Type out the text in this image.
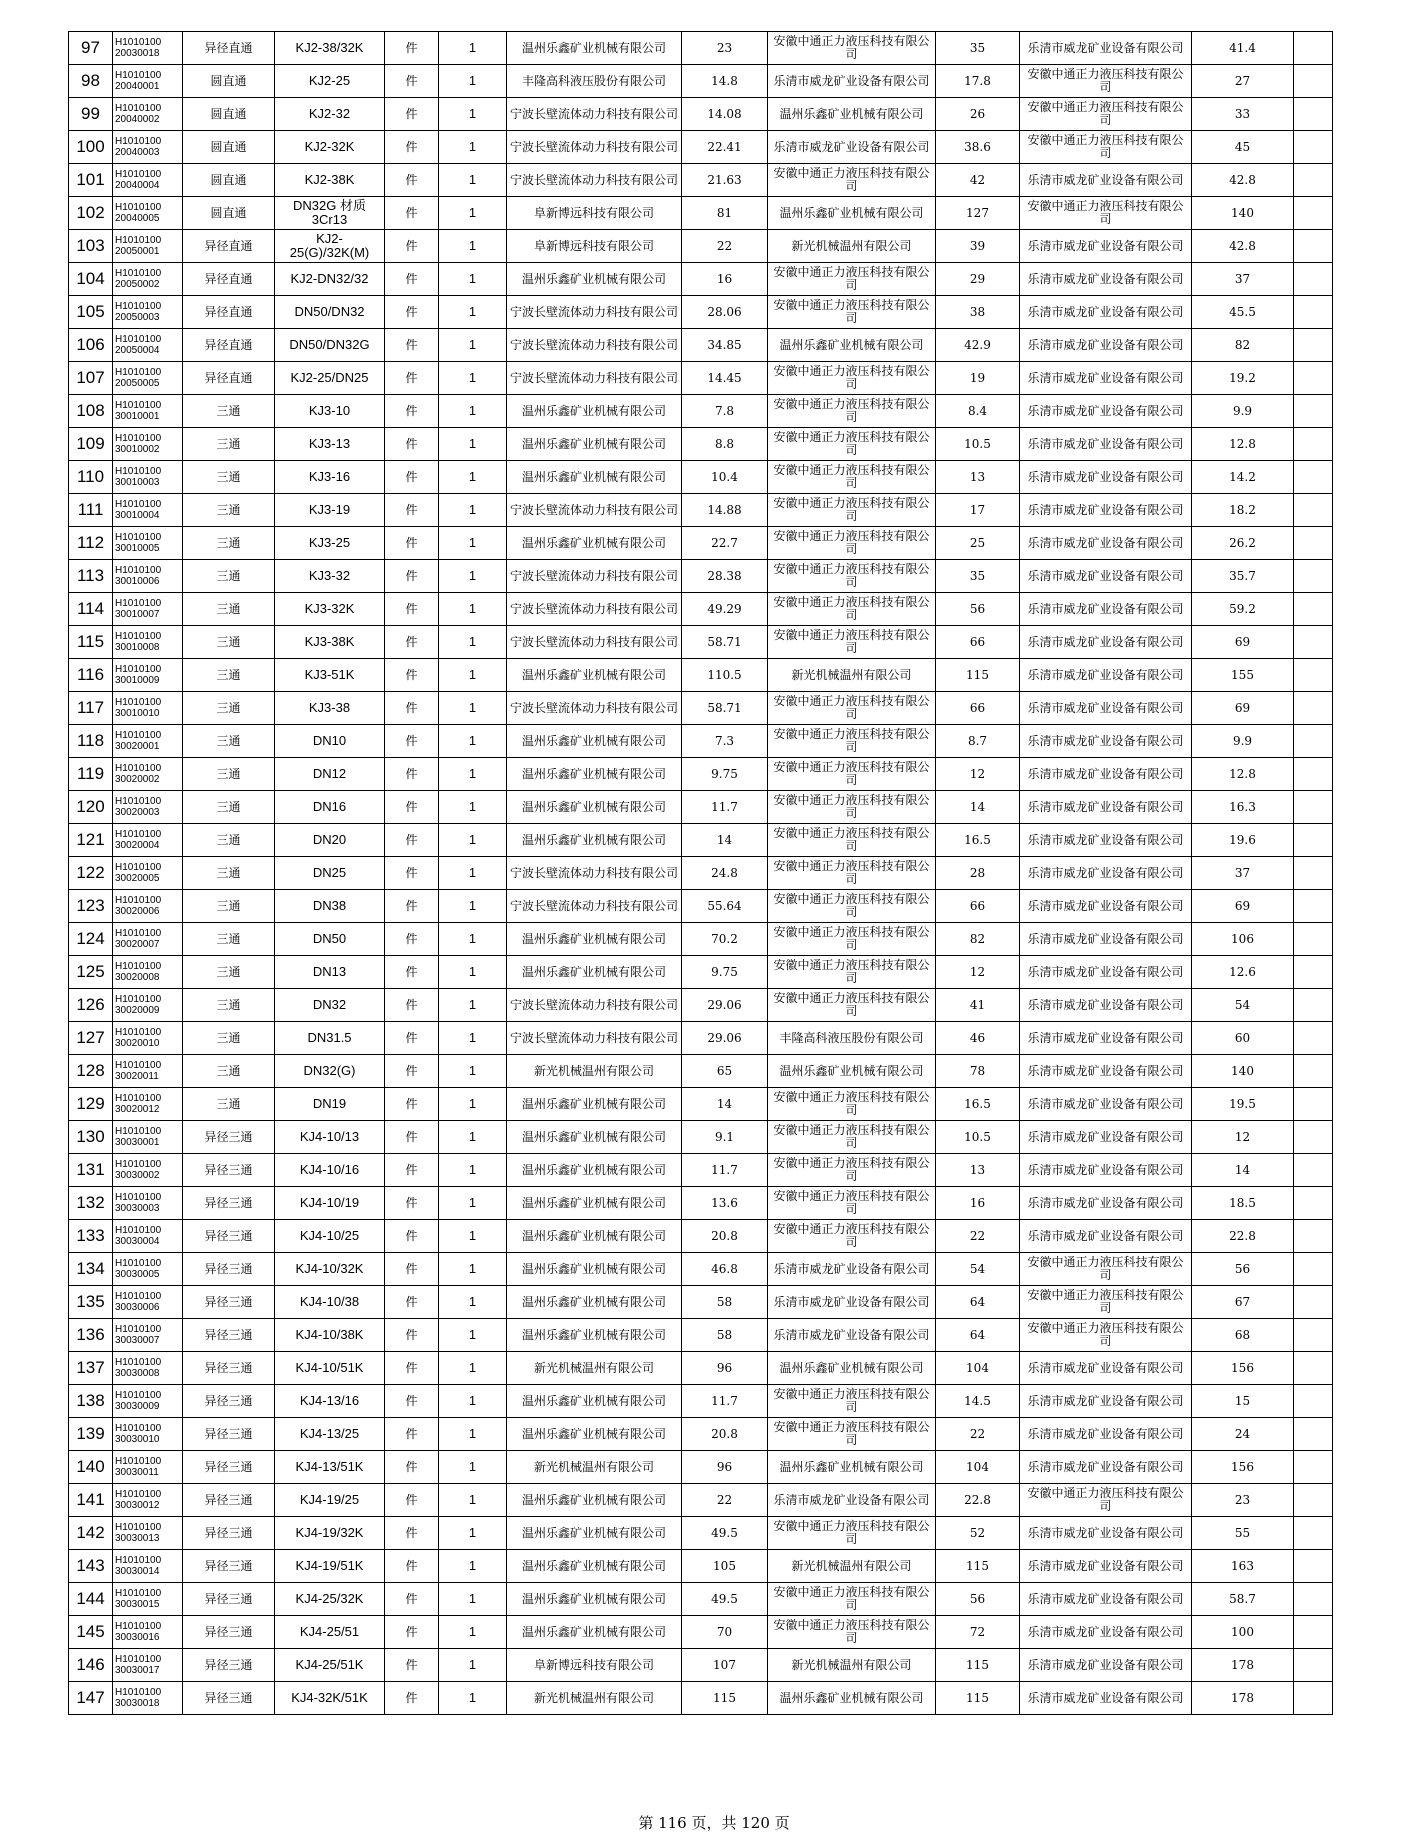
97	H1010100 20030018	异径直通	KJ2-38/32K	件	1	温州乐鑫矿业机械有限公司	23	安徽中通正力液压科技有限公司	35	乐清市威龙矿业设备有限公司	41.4	
98	H1010100 20040001	圆直通	KJ2-25	件	1	丰隆高科液压股份有限公司	14.8	乐清市威龙矿业设备有限公司	17.8	安徽中通正力液压科技有限公司	27	
99	H1010100 20040002	圆直通	KJ2-32	件	1	宁波长壁流体动力科技有限公司	14.08	温州乐鑫矿业机械有限公司	26	安徽中通正力液压科技有限公司	33	
100	H1010100 20040003	圆直通	KJ2-32K	件	1	宁波长壁流体动力科技有限公司	22.41	乐清市威龙矿业设备有限公司	38.6	安徽中通正力液压科技有限公司	45	
101	H1010100 20040004	圆直通	KJ2-38K	件	1	宁波长壁流体动力科技有限公司	21.63	安徽中通正力液压科技有限公司	42	乐清市威龙矿业设备有限公司	42.8	
102	H1010100 20040005	圆直通	DN32G 材质3Cr13	件	1	阜新博远科技有限公司	81	温州乐鑫矿业机械有限公司	127	安徽中通正力液压科技有限公司	140	
103	H1010100 20050001	异径直通	KJ2-25(G)/32K(M)	件	1	阜新博远科技有限公司	22	新光机械温州有限公司	39	乐清市威龙矿业设备有限公司	42.8	
104	H1010100 20050002	异径直通	KJ2-DN32/32	件	1	温州乐鑫矿业机械有限公司	16	安徽中通正力液压科技有限公司	29	乐清市威龙矿业设备有限公司	37	
105	H1010100 20050003	异径直通	DN50/DN32	件	1	宁波长壁流体动力科技有限公司	28.06	安徽中通正力液压科技有限公司	38	乐清市威龙矿业设备有限公司	45.5	
106	H1010100 20050004	异径直通	DN50/DN32G	件	1	宁波长壁流体动力科技有限公司	34.85	温州乐鑫矿业机械有限公司	42.9	乐清市威龙矿业设备有限公司	82	
107	H1010100 20050005	异径直通	KJ2-25/DN25	件	1	宁波长壁流体动力科技有限公司	14.45	安徽中通正力液压科技有限公司	19	乐清市威龙矿业设备有限公司	19.2	
108	H1010100 30010001	三通	KJ3-10	件	1	温州乐鑫矿业机械有限公司	7.8	安徽中通正力液压科技有限公司	8.4	乐清市威龙矿业设备有限公司	9.9	
109	H1010100 30010002	三通	KJ3-13	件	1	温州乐鑫矿业机械有限公司	8.8	安徽中通正力液压科技有限公司	10.5	乐清市威龙矿业设备有限公司	12.8	
110	H1010100 30010003	三通	KJ3-16	件	1	温州乐鑫矿业机械有限公司	10.4	安徽中通正力液压科技有限公司	13	乐清市威龙矿业设备有限公司	14.2	
111	H1010100 30010004	三通	KJ3-19	件	1	宁波长壁流体动力科技有限公司	14.88	安徽中通正力液压科技有限公司	17	乐清市威龙矿业设备有限公司	18.2	
112	H1010100 30010005	三通	KJ3-25	件	1	温州乐鑫矿业机械有限公司	22.7	安徽中通正力液压科技有限公司	25	乐清市威龙矿业设备有限公司	26.2	
113	H1010100 30010006	三通	KJ3-32	件	1	宁波长壁流体动力科技有限公司	28.38	安徽中通正力液压科技有限公司	35	乐清市威龙矿业设备有限公司	35.7	
114	H1010100 30010007	三通	KJ3-32K	件	1	宁波长壁流体动力科技有限公司	49.29	安徽中通正力液压科技有限公司	56	乐清市威龙矿业设备有限公司	59.2	
115	H1010100 30010008	三通	KJ3-38K	件	1	宁波长壁流体动力科技有限公司	58.71	安徽中通正力液压科技有限公司	66	乐清市威龙矿业设备有限公司	69	
116	H1010100 30010009	三通	KJ3-51K	件	1	温州乐鑫矿业机械有限公司	110.5	新光机械温州有限公司	115	乐清市威龙矿业设备有限公司	155	
117	H1010100 30010010	三通	KJ3-38	件	1	宁波长壁流体动力科技有限公司	58.71	安徽中通正力液压科技有限公司	66	乐清市威龙矿业设备有限公司	69	
118	H1010100 30020001	三通	DN10	件	1	温州乐鑫矿业机械有限公司	7.3	安徽中通正力液压科技有限公司	8.7	乐清市威龙矿业设备有限公司	9.9	
119	H1010100 30020002	三通	DN12	件	1	温州乐鑫矿业机械有限公司	9.75	安徽中通正力液压科技有限公司	12	乐清市威龙矿业设备有限公司	12.8	
120	H1010100 30020003	三通	DN16	件	1	温州乐鑫矿业机械有限公司	11.7	安徽中通正力液压科技有限公司	14	乐清市威龙矿业设备有限公司	16.3	
121	H1010100 30020004	三通	DN20	件	1	温州乐鑫矿业机械有限公司	14	安徽中通正力液压科技有限公司	16.5	乐清市威龙矿业设备有限公司	19.6	
122	H1010100 30020005	三通	DN25	件	1	宁波长壁流体动力科技有限公司	24.8	安徽中通正力液压科技有限公司	28	乐清市威龙矿业设备有限公司	37	
123	H1010100 30020006	三通	DN38	件	1	宁波长壁流体动力科技有限公司	55.64	安徽中通正力液压科技有限公司	66	乐清市威龙矿业设备有限公司	69	
124	H1010100 30020007	三通	DN50	件	1	温州乐鑫矿业机械有限公司	70.2	安徽中通正力液压科技有限公司	82	乐清市威龙矿业设备有限公司	106	
125	H1010100 30020008	三通	DN13	件	1	温州乐鑫矿业机械有限公司	9.75	安徽中通正力液压科技有限公司	12	乐清市威龙矿业设备有限公司	12.6	
126	H1010100 30020009	三通	DN32	件	1	宁波长壁流体动力科技有限公司	29.06	安徽中通正力液压科技有限公司	41	乐清市威龙矿业设备有限公司	54	
127	H1010100 30020010	三通	DN31.5	件	1	宁波长壁流体动力科技有限公司	29.06	丰隆高科液压股份有限公司	46	乐清市威龙矿业设备有限公司	60	
128	H1010100 30020011	三通	DN32(G)	件	1	新光机械温州有限公司	65	温州乐鑫矿业机械有限公司	78	乐清市威龙矿业设备有限公司	140	
129	H1010100 30020012	三通	DN19	件	1	温州乐鑫矿业机械有限公司	14	安徽中通正力液压科技有限公司	16.5	乐清市威龙矿业设备有限公司	19.5	
130	H1010100 30030001	异径三通	KJ4-10/13	件	1	温州乐鑫矿业机械有限公司	9.1	安徽中通正力液压科技有限公司	10.5	乐清市威龙矿业设备有限公司	12	
131	H1010100 30030002	异径三通	KJ4-10/16	件	1	温州乐鑫矿业机械有限公司	11.7	安徽中通正力液压科技有限公司	13	乐清市威龙矿业设备有限公司	14	
132	H1010100 30030003	异径三通	KJ4-10/19	件	1	温州乐鑫矿业机械有限公司	13.6	安徽中通正力液压科技有限公司	16	乐清市威龙矿业设备有限公司	18.5	
133	H1010100 30030004	异径三通	KJ4-10/25	件	1	温州乐鑫矿业机械有限公司	20.8	安徽中通正力液压科技有限公司	22	乐清市威龙矿业设备有限公司	22.8	
134	H1010100 30030005	异径三通	KJ4-10/32K	件	1	温州乐鑫矿业机械有限公司	46.8	乐清市威龙矿业设备有限公司	54	安徽中通正力液压科技有限公司	56	
135	H1010100 30030006	异径三通	KJ4-10/38	件	1	温州乐鑫矿业机械有限公司	58	乐清市威龙矿业设备有限公司	64	安徽中通正力液压科技有限公司	67	
136	H1010100 30030007	异径三通	KJ4-10/38K	件	1	温州乐鑫矿业机械有限公司	58	乐清市威龙矿业设备有限公司	64	安徽中通正力液压科技有限公司	68	
137	H1010100 30030008	异径三通	KJ4-10/51K	件	1	新光机械温州有限公司	96	温州乐鑫矿业机械有限公司	104	乐清市威龙矿业设备有限公司	156	
138	H1010100 30030009	异径三通	KJ4-13/16	件	1	温州乐鑫矿业机械有限公司	11.7	安徽中通正力液压科技有限公司	14.5	乐清市威龙矿业设备有限公司	15	
139	H1010100 30030010	异径三通	KJ4-13/25	件	1	温州乐鑫矿业机械有限公司	20.8	安徽中通正力液压科技有限公司	22	乐清市威龙矿业设备有限公司	24	
140	H1010100 30030011	异径三通	KJ4-13/51K	件	1	新光机械温州有限公司	96	温州乐鑫矿业机械有限公司	104	乐清市威龙矿业设备有限公司	156	
141	H1010100 30030012	异径三通	KJ4-19/25	件	1	温州乐鑫矿业机械有限公司	22	乐清市威龙矿业设备有限公司	22.8	安徽中通正力液压科技有限公司	23	
142	H1010100 30030013	异径三通	KJ4-19/32K	件	1	温州乐鑫矿业机械有限公司	49.5	安徽中通正力液压科技有限公司	52	乐清市威龙矿业设备有限公司	55	
143	H1010100 30030014	异径三通	KJ4-19/51K	件	1	温州乐鑫矿业机械有限公司	105	新光机械温州有限公司	115	乐清市威龙矿业设备有限公司	163	
144	H1010100 30030015	异径三通	KJ4-25/32K	件	1	温州乐鑫矿业机械有限公司	49.5	安徽中通正力液压科技有限公司	56	乐清市威龙矿业设备有限公司	58.7	
145	H1010100 30030016	异径三通	KJ4-25/51	件	1	温州乐鑫矿业机械有限公司	70	安徽中通正力液压科技有限公司	72	乐清市威龙矿业设备有限公司	100	
146	H1010100 30030017	异径三通	KJ4-25/51K	件	1	阜新博远科技有限公司	107	新光机械温州有限公司	115	乐清市威龙矿业设备有限公司	178	
147	H1010100 30030018	异径三通	KJ4-32K/51K	件	1	新光机械温州有限公司	115	温州乐鑫矿业机械有限公司	115	乐清市威龙矿业设备有限公司	178	
第 116 页，共 120 页
